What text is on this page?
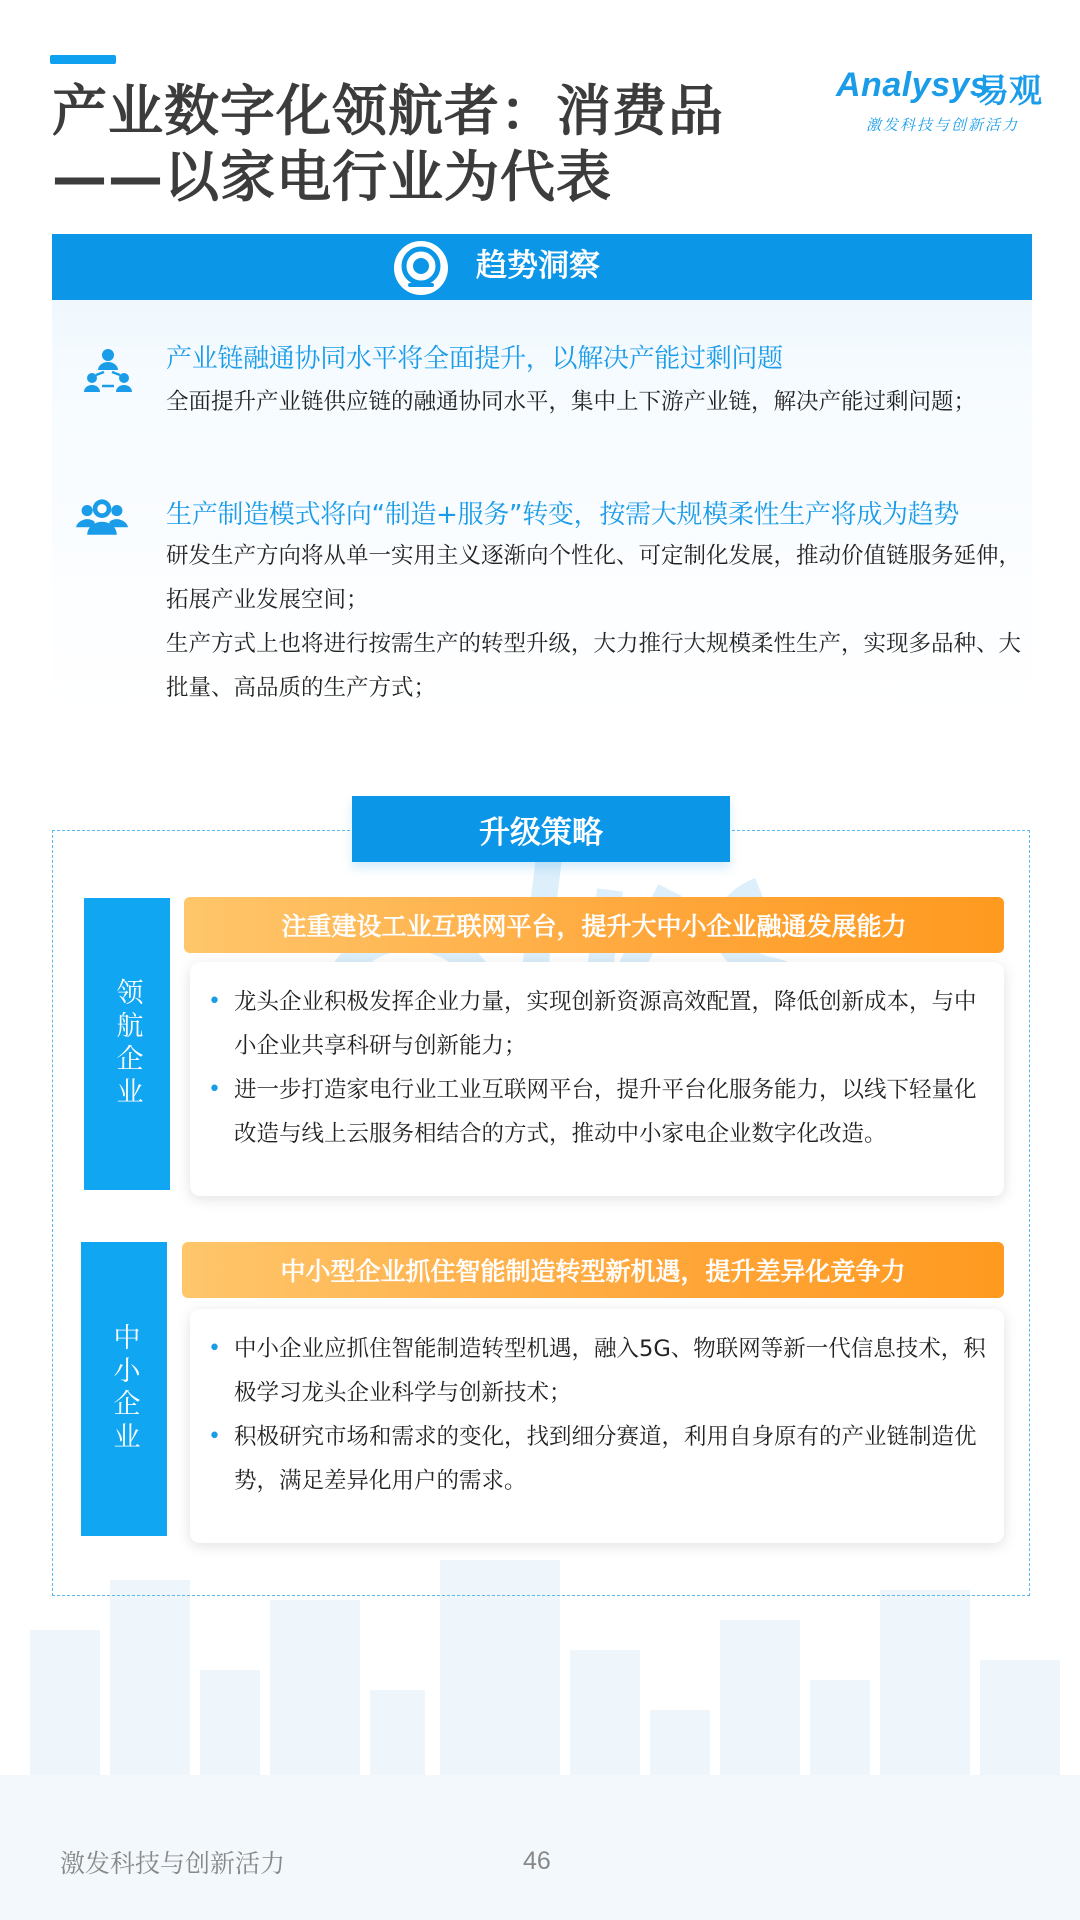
产业数字化领航者：消费品
——以家电行业为代表
Analysys
易观
激发科技与创新活力
趋势洞察
产业链融通协同水平将全面提升，以解决产能过剩问题

全面提升产业链供应链的融通协同水平，集中上下游产业链，解决产能过剩问题；

生产制造模式将向“制造+服务”转变，按需大规模柔性生产将成为趋势

研发生产方向将从单一实用主义逐渐向个性化、可定制化发展，推动价值链服务延伸，拓展产业发展空间；

生产方式上也将进行按需生产的转型升级，大力推行大规模柔性生产，实现多品种、大批量、高品质的生产方式；

升级策略
领航企业
注重建设工业互联网平台，提升大中小企业融通发展能力
• 龙头企业积极发挥企业力量，实现创新资源高效配置，降低创新成本，与中小企业共享科研与创新能力；
• 进一步打造家电行业工业互联网平台，提升平台化服务能力，以线下轻量化改造与线上云服务相结合的方式，推动中小家电企业数字化改造。
中小企业
中小型企业抓住智能制造转型新机遇，提升差异化竞争力
• 中小企业应抓住智能制造转型机遇，融入5G、物联网等新一代信息技术，积极学习龙头企业科学与创新技术；
• 积极研究市场和需求的变化，找到细分赛道，利用自身原有的产业链制造优势，满足差异化用户的需求。
激发科技与创新活力	46
